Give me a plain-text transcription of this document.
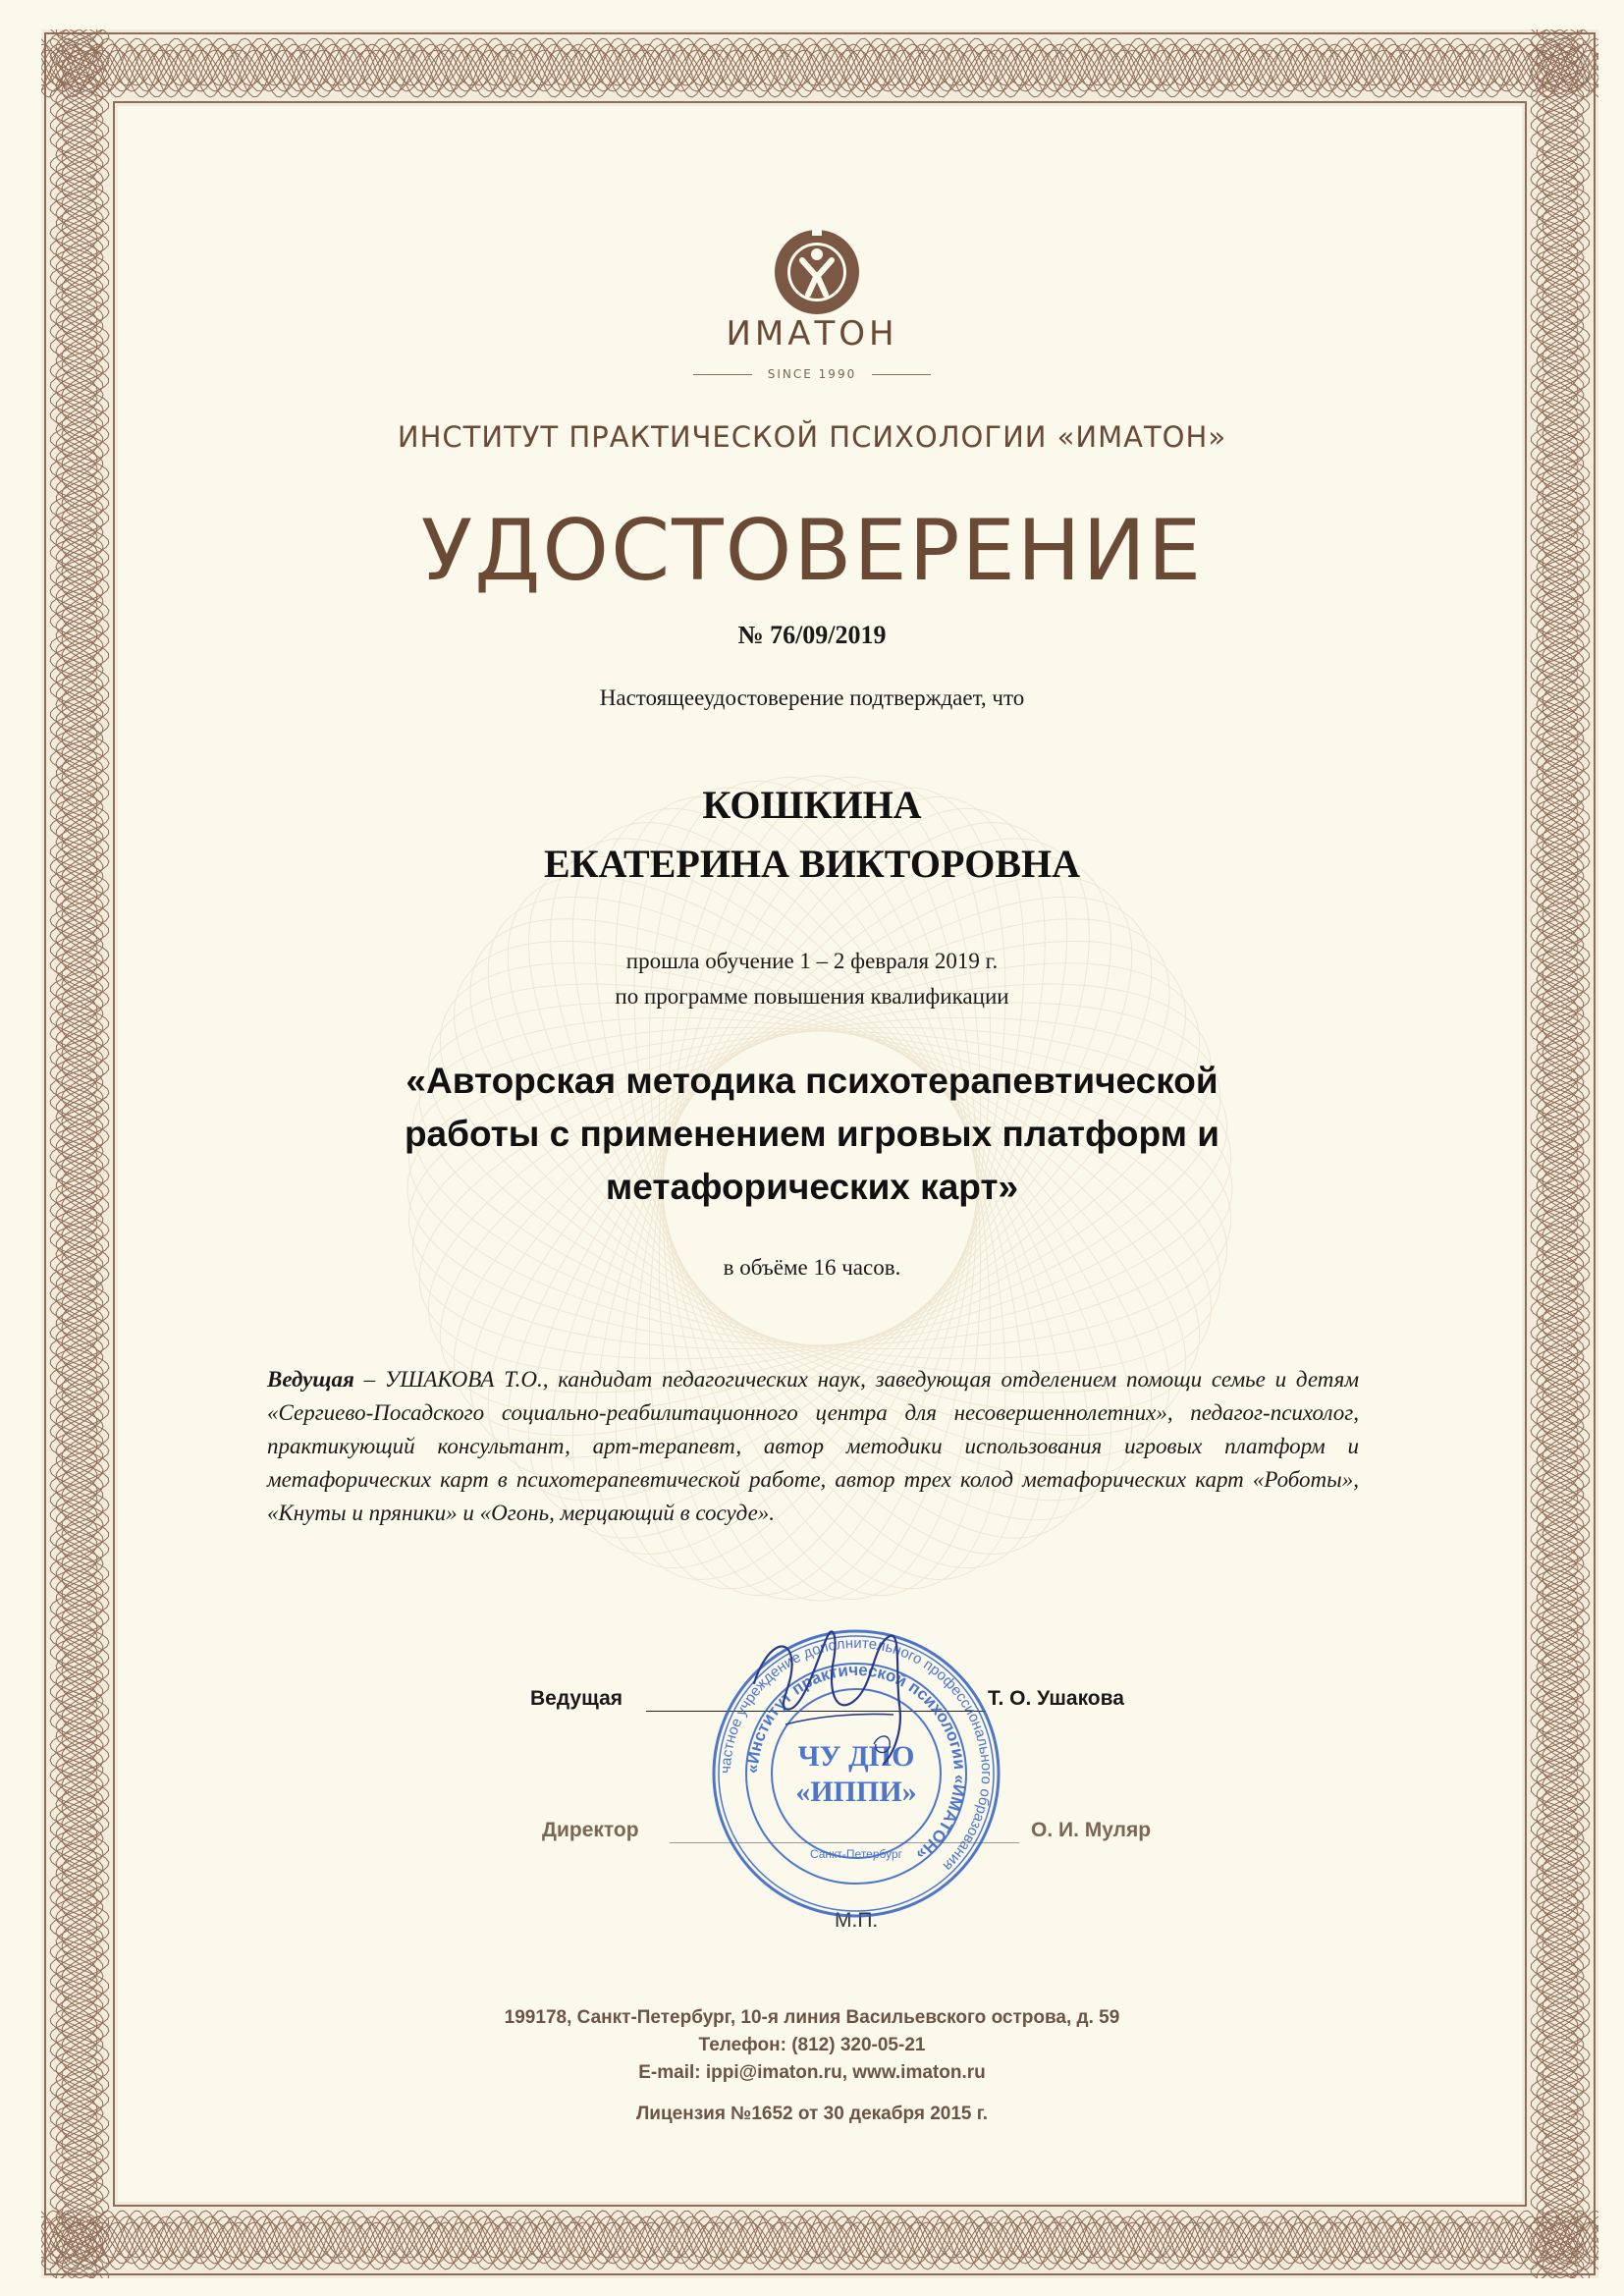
ИМАТОН
SINCE 1990
ИНСТИТУТ ПРАКТИЧЕСКОЙ ПСИХОЛОГИИ «ИМАТОН»
УДОСТОВЕРЕНИЕ
№ 76/09/2019
Настоящееудостоверение подтверждает, что
КОШКИНА
ЕКАТЕРИНА ВИКТОРОВНА
прошла обучение 1 – 2 февраля 2019 г.
по программе повышения квалификации
«Авторская методика психотерапевтической
работы с применением игровых платформ и
метафорических карт»
в объёме 16 часов.
Ведущая – УШАКОВА Т.О., кандидат педагогических наук, заведующая отделением помощи семье и детям «Сергиево-Посадского социально-реабилитационного центра для несовершеннолетних», педагог-психолог, практикующий консультант, арт-терапевт, автор методики использования игровых платформ и метафорических карт в психотерапевтической работе, автор трех колод метафорических карт «Роботы», «Кнуты и пряники» и «Огонь, мерцающий в сосуде».
Ведущая	Т. О. Ушакова
Директор	О. И. Муляр
М.П.
частное учреждение дополнительного профессионального образования
«Институт практической психологии «ИМАТОН»
ЧУ ДПО
«ИППИ»
Санкт-Петербург
199178, Санкт-Петербург, 10-я линия Васильевского острова, д. 59
Телефон: (812) 320-05-21
E-mail: ippi@imaton.ru, www.imaton.ru
Лицензия №1652 от 30 декабря 2015 г.
